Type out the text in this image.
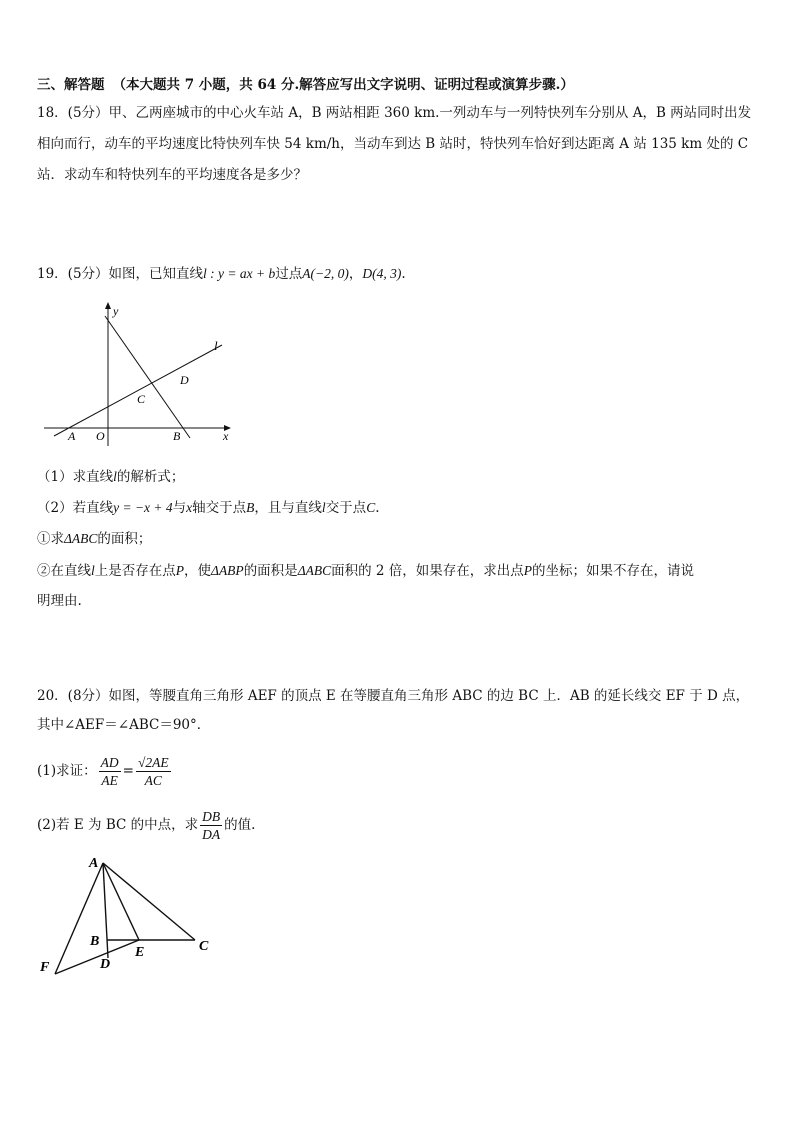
三、解答题 （本大题共 7 小题，共 64 分.解答应写出文字说明、证明过程或演算步骤.）
18．(5分）甲、乙两座城市的中心火车站 A，B 两站相距 360 km.一列动车与一列特快列车分别从 A，B 两站同时出发
相向而行，动车的平均速度比特快列车快 54 km/h，当动车到达 B 站时，特快列车恰好到达距离 A 站 135 km 处的 C
站．求动车和特快列车的平均速度各是多少？
19．(5分）如图，已知直线l : y = ax + b过点A(−2, 0)，D(4, 3).
y
x
l
A O	B
C
D
（1）求直线l的解析式；
（2）若直线y = −x + 4与x轴交于点B，且与直线l交于点C.
①求ΔABC的面积；
②在直线l上是否存在点P，使ΔABP的面积是ΔABC面积的 2 倍，如果存在，求出点P的坐标；如果不存在，请说
明理由.
20．(8分）如图，等腰直角三角形 AEF 的顶点 E 在等腰直角三角形 ABC 的边 BC 上．AB 的延长线交 EF 于 D 点，
其中∠AEF＝∠ABC＝90°．
(1)求证： $\frac{AD}{AE} = \frac{√2AE}{AC}$
(2)若 E 为 BC 的中点，求 $\frac{DB}{DA}$ 的值.
A
B
E	C
F	D
